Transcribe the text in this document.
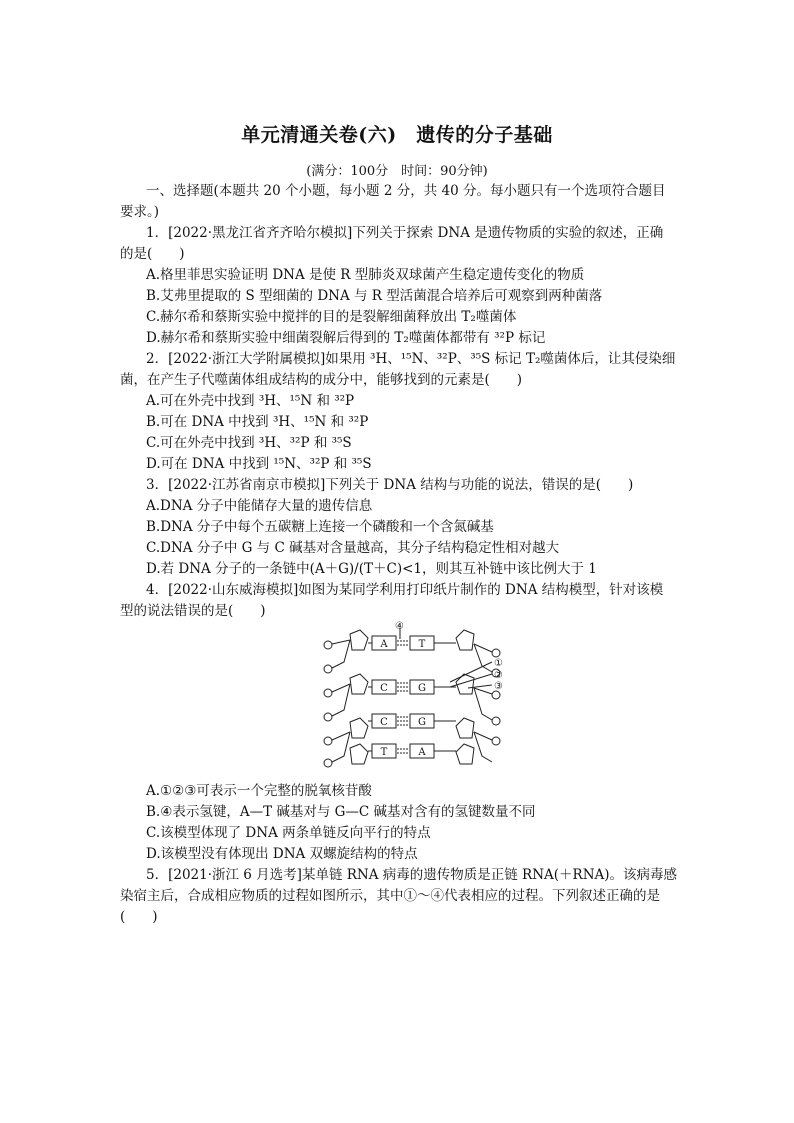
单元清通关卷(六)　遗传的分子基础
(满分：100分　时间：90分钟)
一、选择题(本题共 20 个小题，每小题 2 分，共 40 分。每小题只有一个选项符合题目
要求。)
1．[2022·黑龙江省齐齐哈尔模拟]下列关于探索 DNA 是遗传物质的实验的叙述，正确
的是(　　)
A.格里菲思实验证明 DNA 是使 R 型肺炎双球菌产生稳定遗传变化的物质
B.艾弗里提取的 S 型细菌的 DNA 与 R 型活菌混合培养后可观察到两种菌落
C.赫尔希和蔡斯实验中搅拌的目的是裂解细菌释放出 T₂噬菌体
D.赫尔希和蔡斯实验中细菌裂解后得到的 T₂噬菌体都带有 ³²P 标记
2．[2022·浙江大学附属模拟]如果用 ³H、¹⁵N、³²P、³⁵S 标记 T₂噬菌体后，让其侵染细
菌，在产生子代噬菌体组成结构的成分中，能够找到的元素是(　　)
A.可在外壳中找到 ³H、¹⁵N 和 ³²P
B.可在 DNA 中找到 ³H、¹⁵N 和 ³²P
C.可在外壳中找到 ³H、³²P 和 ³⁵S
D.可在 DNA 中找到 ¹⁵N、³²P 和 ³⁵S
3．[2022·江苏省南京市模拟]下列关于 DNA 结构与功能的说法，错误的是(　　)
A.DNA 分子中能储存大量的遗传信息
B.DNA 分子中每个五碳糖上连接一个磷酸和一个含氮碱基
C.DNA 分子中 G 与 C 碱基对含量越高，其分子结构稳定性相对越大
D.若 DNA 分子的一条链中(A＋G)/(T＋C)<1，则其互补链中该比例大于 1
4．[2022·山东威海模拟]如图为某同学利用打印纸片制作的 DNA 结构模型，针对该模
型的说法错误的是(　　)
A
C
C
T
T
G
G
A
①
②
③
④
A.①②③可表示一个完整的脱氧核苷酸
B.④表示氢键，A—T 碱基对与 G—C 碱基对含有的氢键数量不同
C.该模型体现了 DNA 两条单链反向平行的特点
D.该模型没有体现出 DNA 双螺旋结构的特点
5．[2021·浙江 6 月选考]某单链 RNA 病毒的遗传物质是正链 RNA(＋RNA)。该病毒感
染宿主后，合成相应物质的过程如图所示，其中①～④代表相应的过程。下列叙述正确的是
(　　)
